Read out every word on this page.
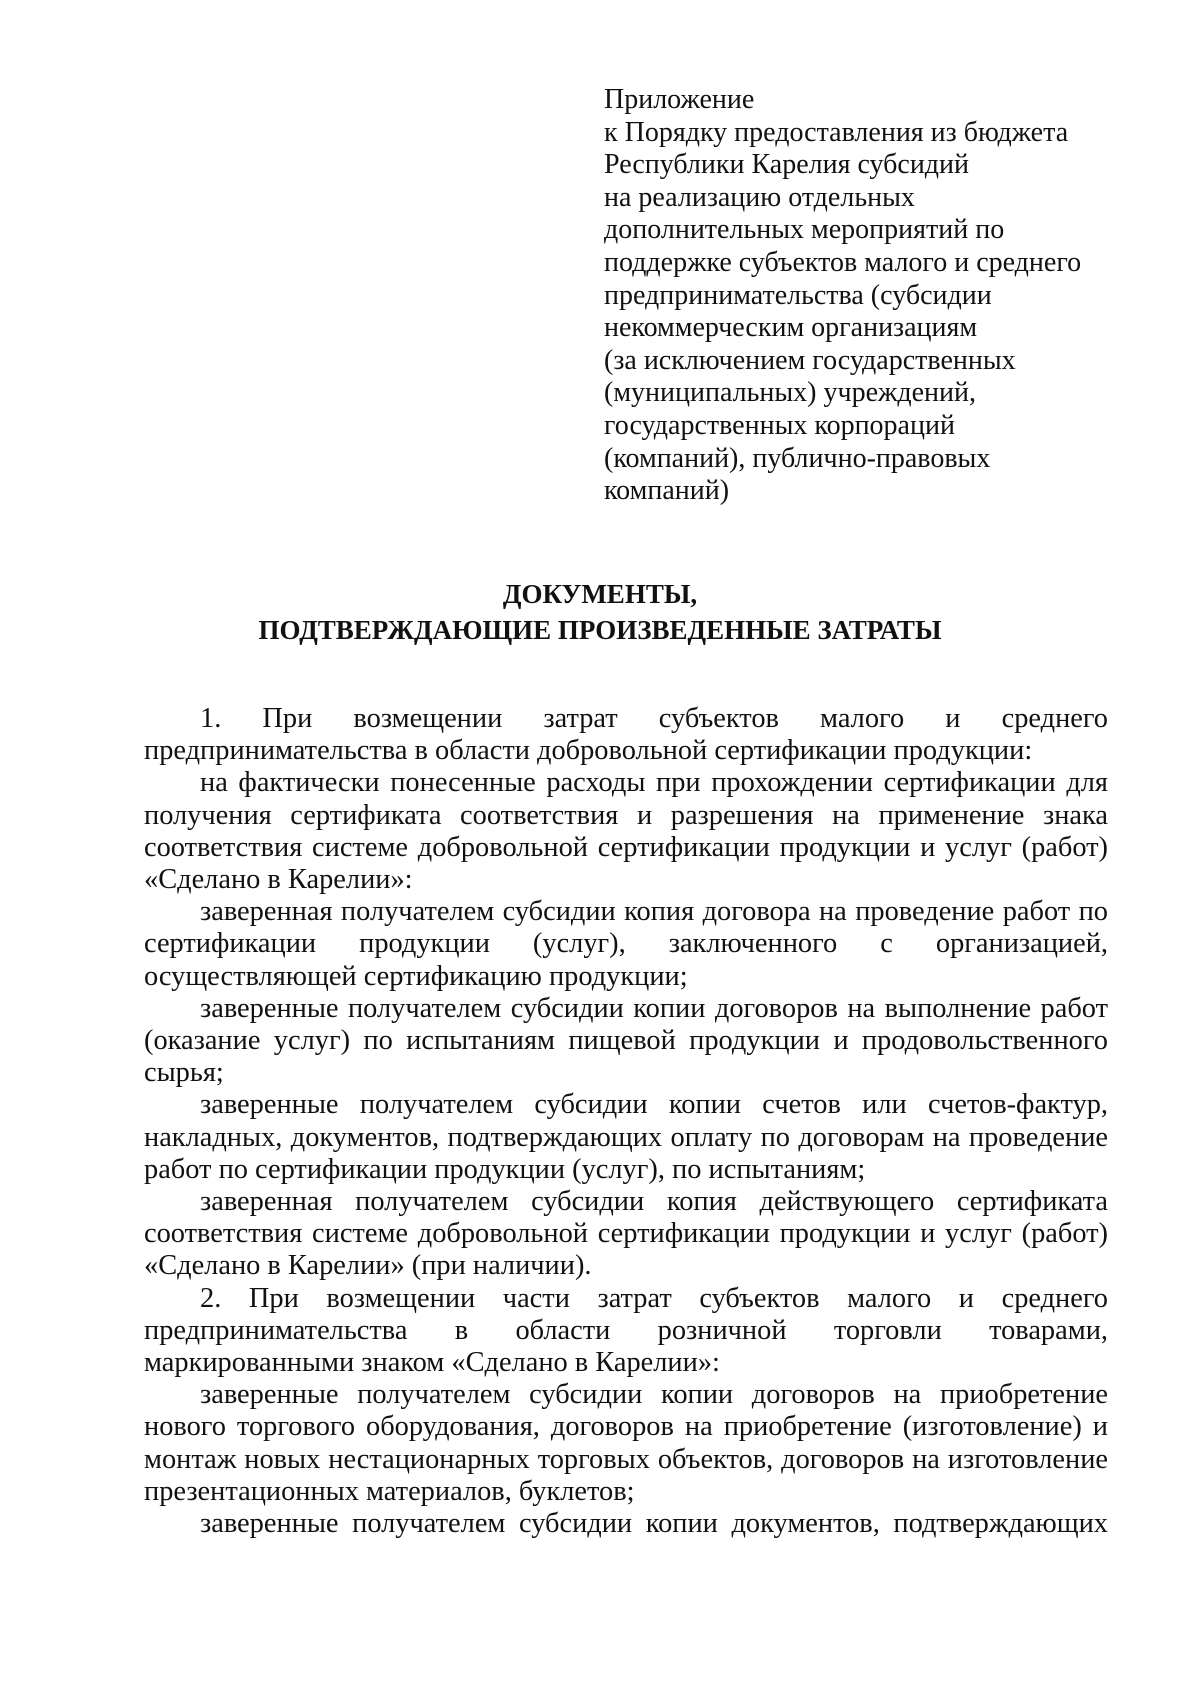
Приложение
к Порядку предоставления из бюджета
Республики Карелия субсидий
на реализацию отдельных
дополнительных мероприятий по
поддержке субъектов малого и среднего
предпринимательства (субсидии
некоммерческим организациям
(за исключением государственных
(муниципальных) учреждений,
государственных корпораций
(компаний), публично-правовых
компаний)
ДОКУМЕНТЫ,
ПОДТВЕРЖДАЮЩИЕ ПРОИЗВЕДЕННЫЕ ЗАТРАТЫ

1. При возмещении затрат субъектов малого и среднего предпринимательства в области добровольной сертификации продукции:

на фактически понесенные расходы при прохождении сертификации для получения сертификата соответствия и разрешения на применение знака соответствия системе добровольной сертификации продукции и услуг (работ) «Сделано в Карелии»:

заверенная получателем субсидии копия договора на проведение работ по сертификации продукции (услуг), заключенного с организацией, осуществляющей сертификацию продукции;

заверенные получателем субсидии копии договоров на выполнение работ (оказание услуг) по испытаниям пищевой продукции и продовольственного сырья;

заверенные получателем субсидии копии счетов или счетов-фактур, накладных, документов, подтверждающих оплату по договорам на проведение работ по сертификации продукции (услуг), по испытаниям;

заверенная получателем субсидии копия действующего сертификата соответствия системе добровольной сертификации продукции и услуг (работ) «Сделано в Карелии» (при наличии).

2. При возмещении части затрат субъектов малого и среднего предпринимательства в области розничной торговли товарами, маркированными знаком «Сделано в Карелии»:

заверенные получателем субсидии копии договоров на приобретение нового торгового оборудования, договоров на приобретение (изготовление) и монтаж новых нестационарных торговых объектов, договоров на изготовление презентационных материалов, буклетов;

заверенные получателем субсидии копии документов, подтверждающих
